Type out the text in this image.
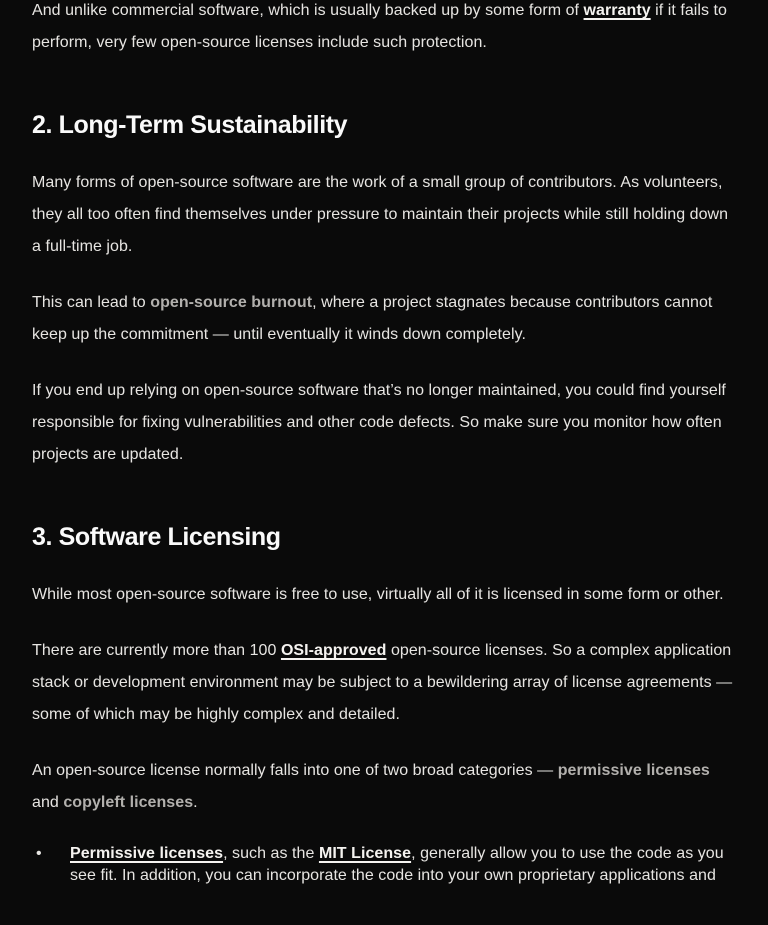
And unlike commercial software, which is usually backed up by some form of warranty if it fails to perform, very few open-source licenses include such protection.

2. Long-Term Sustainability

Many forms of open-source software are the work of a small group of contributors. As volunteers, they all too often find themselves under pressure to maintain their projects while still holding down a full-time job.

This can lead to open-source burnout, where a project stagnates because contributors cannot keep up the commitment — until eventually it winds down completely.

If you end up relying on open-source software that’s no longer maintained, you could find yourself responsible for fixing vulnerabilities and other code defects. So make sure you monitor how often projects are updated.

3. Software Licensing

While most open-source software is free to use, virtually all of it is licensed in some form or other.

There are currently more than 100 OSI-approved open-source licenses. So a complex application stack or development environment may be subject to a bewildering array of license agreements — some of which may be highly complex and detailed.

An open-source license normally falls into one of two broad categories — permissive licenses and copyleft licenses.

• Permissive licenses, such as the MIT License, generally allow you to use the code as you see fit. In addition, you can incorporate the code into your own proprietary applications and
